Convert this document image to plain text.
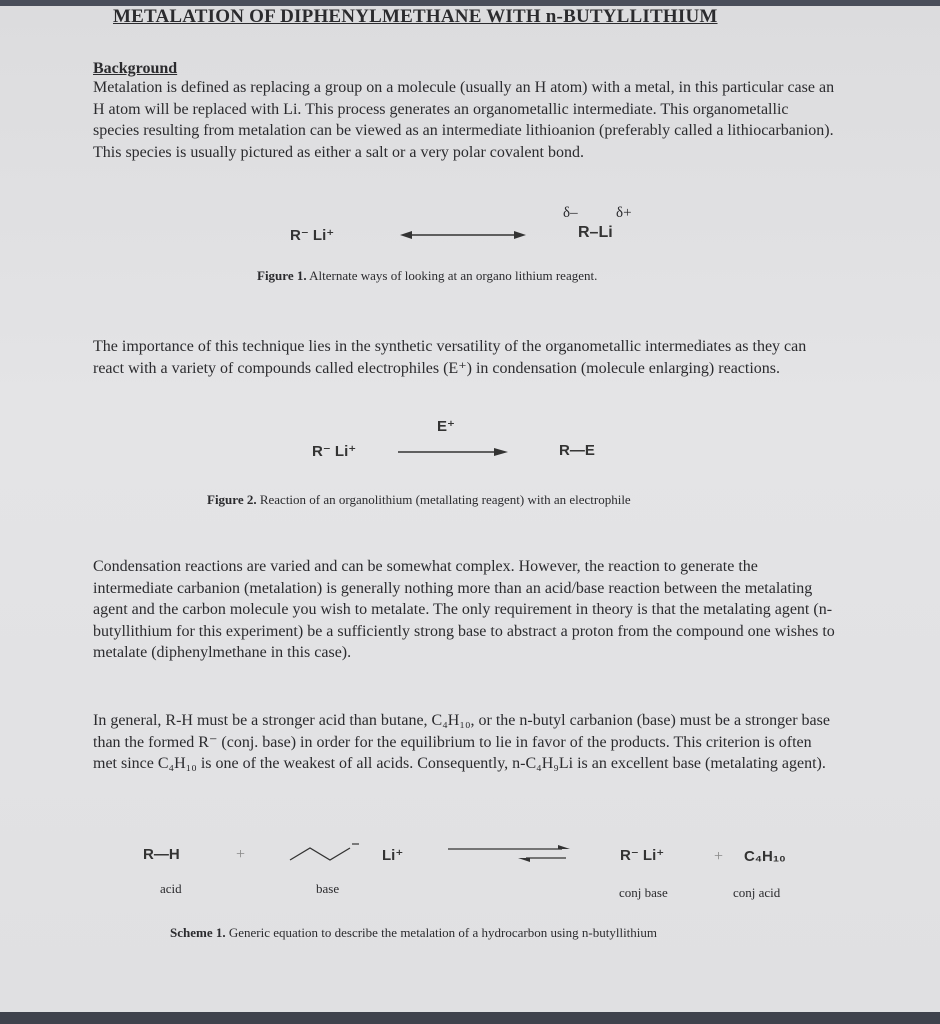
METALATION OF DIPHENYLMETHANE WITH n-BUTYLLITHIUM
Background

Metalation is defined as replacing a group on a molecule (usually an H atom) with a metal, in this particular case an H atom will be replaced with Li. This process generates an organometallic intermediate. This organometallic species resulting from metalation can be viewed as an intermediate lithioanion (preferably called a lithiocarbanion). This species is usually pictured as either a salt or a very polar covalent bond.

R⁻ Li⁺
δ–	δ+
R–Li
Figure 1. Alternate ways of looking at an organo lithium reagent.

The importance of this technique lies in the synthetic versatility of the organometallic intermediates as they can react with a variety of compounds called electrophiles (E⁺) in condensation (molecule enlarging) reactions.

E⁺
R⁻ Li⁺	R—E
Figure 2. Reaction of an organolithium (metallating reagent) with an electrophile

Condensation reactions are varied and can be somewhat complex. However, the reaction to generate the intermediate carbanion (metalation) is generally nothing more than an acid/base reaction between the metalating agent and the carbon molecule you wish to metalate. The only requirement in theory is that the metalating agent (n-butyllithium for this experiment) be a sufficiently strong base to abstract a proton from the compound one wishes to metalate (diphenylmethane in this case).

In general, R-H must be a stronger acid than butane, C₄H₁₀, or the n-butyl carbanion (base) must be a stronger base than the formed R⁻ (conj. base) in order for the equilibrium to lie in favor of the products. This criterion is often met since C₄H₁₀ is one of the weakest of all acids. Consequently, n-C₄H₉Li is an excellent base (metalating agent).

R—H	+	Li⁺	R⁻ Li⁺	+ C₄H₁₀
acid	base	conj base	conj acid
Scheme 1. Generic equation to describe the metalation of a hydrocarbon using n-butyllithium
